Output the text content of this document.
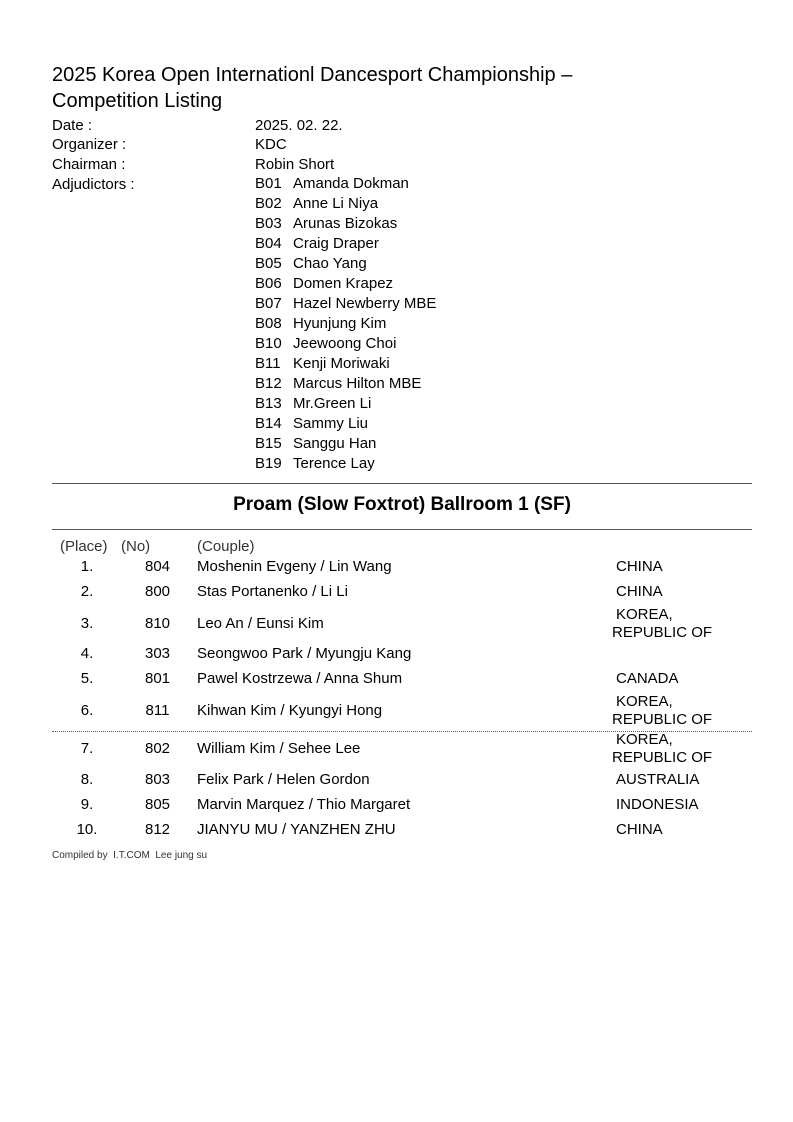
2025 Korea Open Internationl Dancesport Championship – Competition Listing
Date :	2025. 02. 22.
Organizer :	KDC
Chairman :	Robin Short
Adjudictors :	B01 Amanda Dokman
B02 Anne Li Niya
B03 Arunas Bizokas
B04 Craig Draper
B05 Chao Yang
B06 Domen Krapez
B07 Hazel Newberry MBE
B08 Hyunjung Kim
B10 Jeewoong Choi
B11 Kenji Moriwaki
B12 Marcus Hilton MBE
B13 Mr.Green Li
B14 Sammy Liu
B15 Sanggu Han
B19 Terence Lay
Proam (Slow Foxtrot) Ballroom 1 (SF)
(Place) (No)	(Couple)
1.	804	Moshenin Evgeny / Lin Wang	CHINA
2.	800	Stas Portanenko / Li Li	CHINA
3.	810	Leo An / Eunsi Kim
KOREA,
REPUBLIC OF
4.	303	Seongwoo Park / Myungju Kang
5.	801	Pawel Kostrzewa / Anna Shum	CANADA
6.	811	Kihwan Kim / Kyungyi Hong
KOREA,
REPUBLIC OF
7.	802	William Kim / Sehee Lee
KOREA,
REPUBLIC OF
8.	803	Felix Park / Helen Gordon	AUSTRALIA
9.	805	Marvin Marquez / Thio Margaret	INDONESIA
10.	812	JIANYU MU / YANZHEN ZHU	CHINA
Compiled by  I.T.COM  Lee jung su
